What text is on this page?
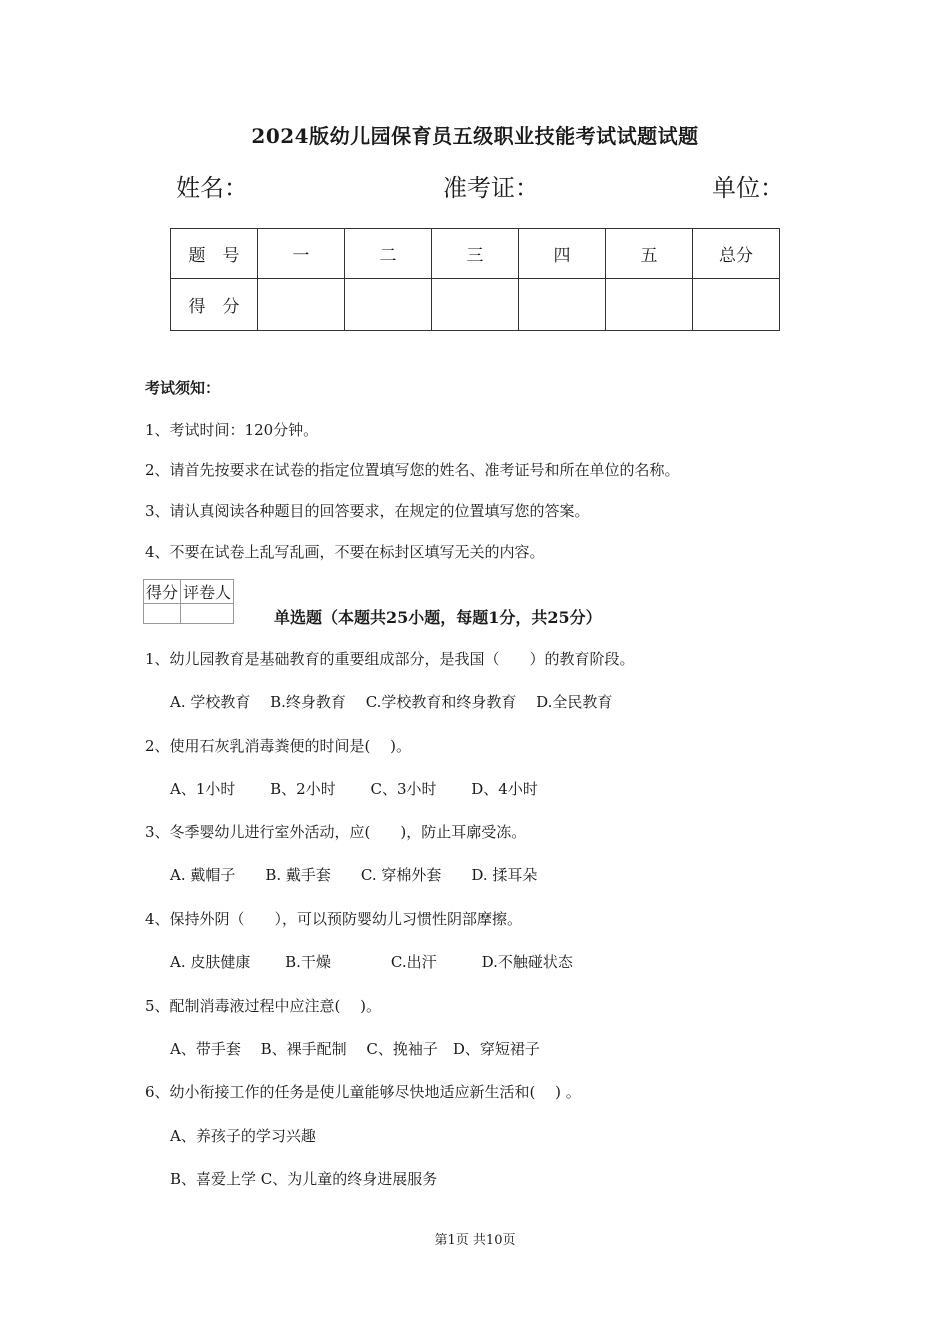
2024版幼儿园保育员五级职业技能考试试题试题
姓名：	准考证：	单位：
题　号	一	二	三	四	五	总分
得　分						
考试须知：
1、考试时间：120分钟。
2、请首先按要求在试卷的指定位置填写您的姓名、准考证号和所在单位的名称。
3、请认真阅读各种题目的回答要求，在规定的位置填写您的答案。
4、不要在试卷上乱写乱画，不要在标封区填写无关的内容。
得分	评卷人

单选题（本题共25小题，每题1分，共25分）
1、幼儿园教育是基础教育的重要组成部分，是我国（　　）的教育阶段。
A. 学校教育　 B.终身教育　 C.学校教育和终身教育　 D.全民教育
2、使用石灰乳消毒粪便的时间是(　 )。
A、1小时　　 B、2小时　　 C、3小时　　 D、4小时
3、冬季婴幼儿进行室外活动，应(　　)，防止耳廓受冻。
A. 戴帽子　　B. 戴手套　　C. 穿棉外套　　D. 揉耳朵
4、保持外阴（　　），可以预防婴幼儿习惯性阴部摩擦。
A. 皮肤健康　　 B.干燥　　　　C.出汗　　　D.不触碰状态
5、配制消毒液过程中应注意(　 )。
A、带手套　 B、裸手配制　 C、挽袖子　D、穿短裙子
6、幼小衔接工作的任务是使儿童能够尽快地适应新生活和(　 ) 。
A、养孩子的学习兴趣
B、喜爱上学 C、为儿童的终身进展服务
第1页 共10页
